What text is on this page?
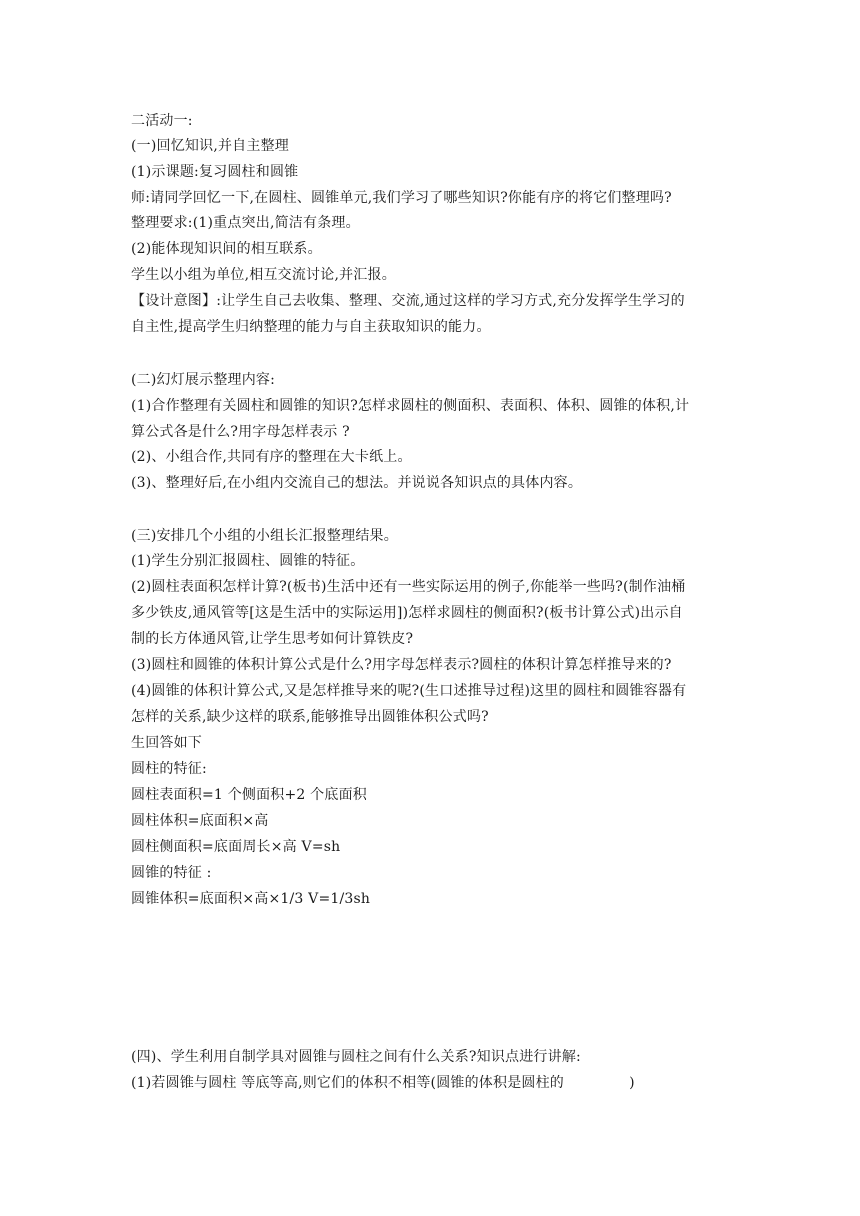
二活动一:
(一)回忆知识,并自主整理
(1)示课题:复习圆柱和圆锥
师:请同学回忆一下,在圆柱、圆锥单元,我们学习了哪些知识?你能有序的将它们整理吗?
整理要求:(1)重点突出,简洁有条理。
(2)能体现知识间的相互联系。
学生以小组为单位,相互交流讨论,并汇报。
【设计意图】:让学生自己去收集、整理、交流,通过这样的学习方式,充分发挥学生学习的
自主性,提高学生归纳整理的能力与自主获取知识的能力。
(二)幻灯展示整理内容:
(1)合作整理有关圆柱和圆锥的知识?怎样求圆柱的侧面积、表面积、体积、圆锥的体积,计
算公式各是什么?用字母怎样表示 ?
(2)、小组合作,共同有序的整理在大卡纸上。
(3)、整理好后,在小组内交流自己的想法。并说说各知识点的具体内容。
(三)安排几个小组的小组长汇报整理结果。
(1)学生分别汇报圆柱、圆锥的特征。
(2)圆柱表面积怎样计算?(板书)生活中还有一些实际运用的例子,你能举一些吗?(制作油桶
多少铁皮,通风管等[这是生活中的实际运用])怎样求圆柱的侧面积?(板书计算公式)出示自
制的长方体通风管,让学生思考如何计算铁皮?
(3)圆柱和圆锥的体积计算公式是什么?用字母怎样表示?圆柱的体积计算怎样推导来的?
(4)圆锥的体积计算公式,又是怎样推导来的呢?(生口述推导过程)这里的圆柱和圆锥容器有
怎样的关系,缺少这样的联系,能够推导出圆锥体积公式吗?
生回答如下
圆柱的特征:
圆柱表面积=1 个侧面积+2 个底面积
圆柱体积=底面积×高
圆柱侧面积=底面周长×高 V=sh
圆锥的特征 :
圆锥体积=底面积×高×1/3 V=1/3sh
(四)、学生利用自制学具对圆锥与圆柱之间有什么关系?知识点进行讲解:
(1)若圆锥与圆柱 等底等高,则它们的体积不相等(圆锥的体积是圆柱的              )
